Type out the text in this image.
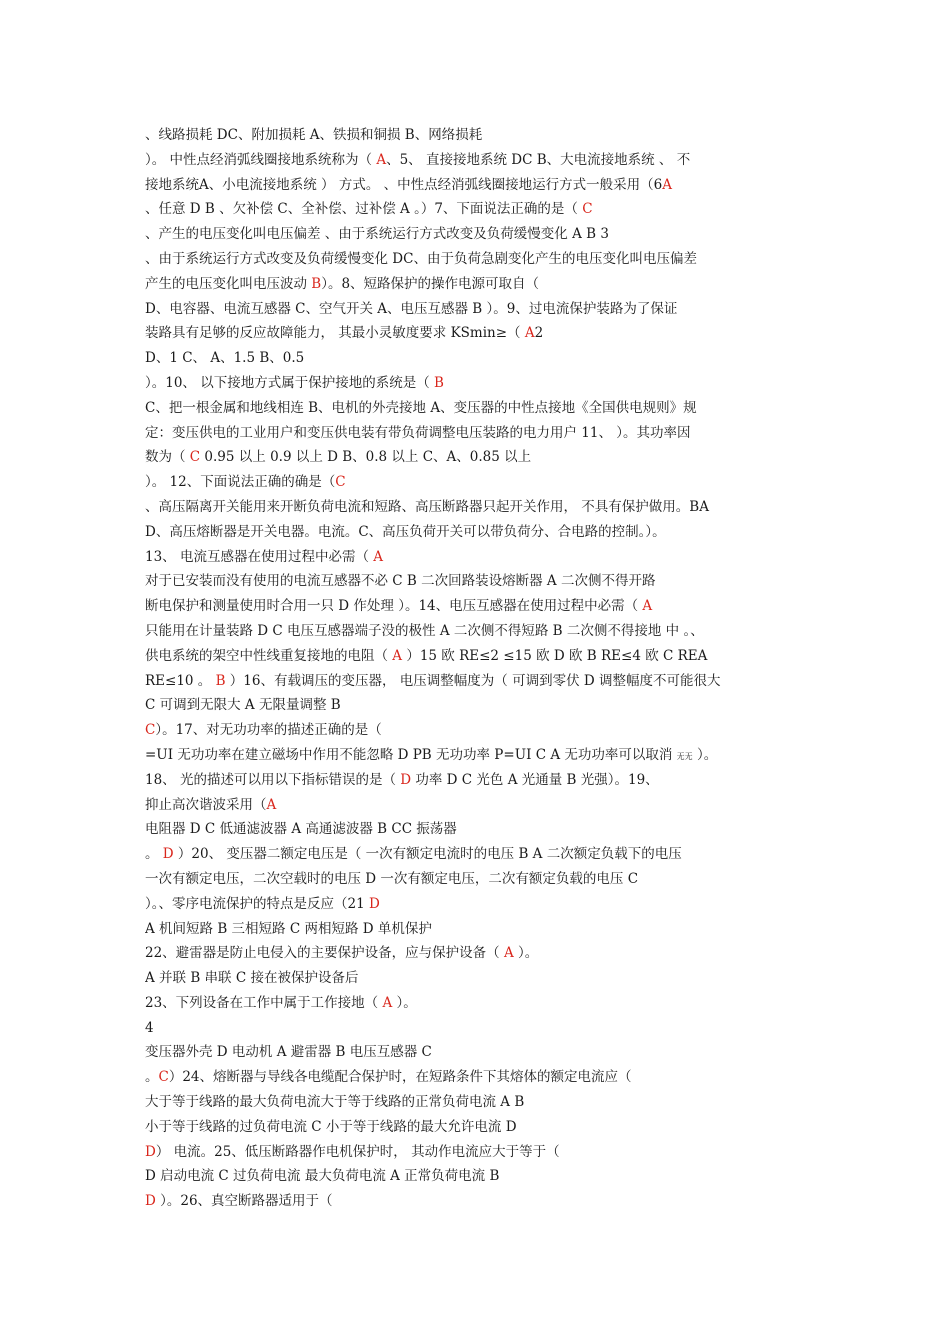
、线路损耗 DC、附加损耗 A、铁损和铜损 B、网络损耗
）。 中性点经消弧线圈接地系统称为（ A、5、 直接接地系统 DC B、大电流接地系统 、 不
接地系统A、小电流接地系统 ） 方式。 、中性点经消弧线圈接地运行方式一般采用（6A
、任意 D B 、欠补偿 C、全补偿、过补偿 A 。）7、下面说法正确的是（ C
、产生的电压变化叫电压偏差 、由于系统运行方式改变及负荷缓慢变化 A B 3
、由于系统运行方式改变及负荷缓慢变化 DC、由于负荷急剧变化产生的电压变化叫电压偏差
产生的电压变化叫电压波动 B）。8、短路保护的操作电源可取自（
D、电容器、电流互感器 C、空气开关 A、电压互感器 B ）。9、过电流保护装路为了保证
装路具有足够的反应故障能力， 其最小灵敏度要求 KSmin≥（ A2
D、1 C、 A、1.5 B、0.5
）。10、 以下接地方式属于保护接地的系统是（ B
C、把一根金属和地线相连 B、电机的外壳接地 A、变压器的中性点接地《全国供电规则》规
定：变压供电的工业用户和变压供电装有带负荷调整电压装路的电力用户 11、 ）。其功率因
数为（ C 0.95 以上 0.9 以上 D B、0.8 以上 C、A、0.85 以上
）。 12、下面说法正确的确是（C
、高压隔离开关能用来开断负荷电流和短路、高压断路器只起开关作用， 不具有保护做用。BA
D、高压熔断器是开关电器。电流。C、高压负荷开关可以带负荷分、合电路的控制。）。
13、 电流互感器在使用过程中必需（ A
对于已安装而没有使用的电流互感器不必 C B 二次回路装设熔断器 A 二次侧不得开路
断电保护和测量使用时合用一只 D 作处理 ）。14、电压互感器在使用过程中必需（ A
只能用在计量装路 D C 电压互感器端子没的极性 A 二次侧不得短路 B 二次侧不得接地 中 。、
供电系统的架空中性线重复接地的电阻（ A ）15 欧 RE≤2 ≤15 欧 D 欧 B RE≤4 欧 C REA
RE≤10 。 B ）16、有载调压的变压器， 电压调整幅度为（ 可调到零伏 D 调整幅度不可能很大
C 可调到无限大 A 无限量调整 B
C）。17、对无功功率的描述正确的是（
=UI 无功功率在建立磁场中作用不能忽略 D PB 无功功率 P=UI C A 无功功率可以取消 无无 ）。
18、 光的描述可以用以下指标错误的是（ D 功率 D C 光色 A 光通量 B 光强）。19、
抑止高次谐波采用（A
电阻器 D C 低通滤波器 A 高通滤波器 B CC 振荡器
。 D ）20、 变压器二额定电压是（ 一次有额定电流时的电压 B A 二次额定负载下的电压
一次有额定电压，二次空载时的电压 D 一次有额定电压，二次有额定负载的电压 C
）。、零序电流保护的特点是反应（21 D
A 机间短路 B 三相短路 C 两相短路 D 单机保护
22、避雷器是防止电侵入的主要保护设备，应与保护设备（ A ）。
A 并联 B 串联 C 接在被保护设备后
23、下列设备在工作中属于工作接地（ A ）。
4
变压器外壳 D 电动机 A 避雷器 B 电压互感器 C
。C）24、熔断器与导线各电缆配合保护时，在短路条件下其熔体的额定电流应（
大于等于线路的最大负荷电流大于等于线路的正常负荷电流 A B
小于等于线路的过负荷电流 C 小于等于线路的最大允许电流 D
D） 电流。25、低压断路器作电机保护时， 其动作电流应大于等于（
D 启动电流 C 过负荷电流 最大负荷电流 A 正常负荷电流 B
D ）。26、真空断路器适用于（
